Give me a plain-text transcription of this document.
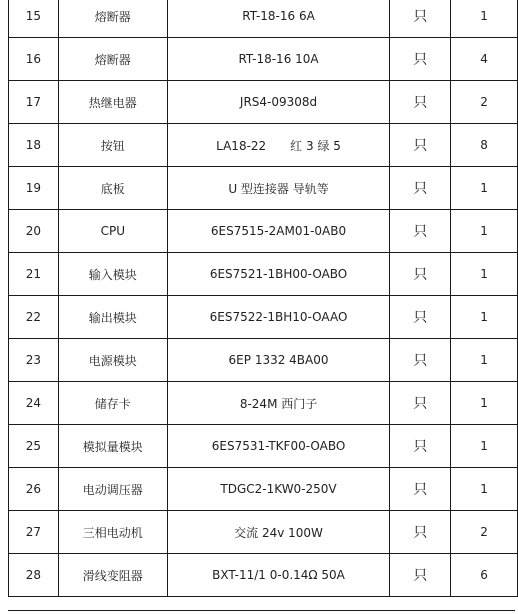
15	熔断器	RT-18-16 6A	只	1
16	熔断器	RT-18-16 10A	只	4
17	热继电器	JRS4-09308d	只	2
18	按钮	LA18-22　　红 3 绿 5	只	8
19	底板	U 型连接器 导轨等	只	1
20	CPU	6ES7515-2AM01-0AB0	只	1
21	输入模块	6ES7521-1BH00-OABO	只	1
22	输出模块	6ES7522-1BH10-OAAO	只	1
23	电源模块	6EP 1332 4BA00	只	1
24	储存卡	8-24M 西门子	只	1
25	模拟量模块	6ES7531-TKF00-OABO	只	1
26	电动调压器	TDGC2-1KW0-250V	只	1
27	三相电动机	交流 24v 100W	只	2
28	滑线变阻器	BXT-11/1 0-0.14Ω 50A	只	6
